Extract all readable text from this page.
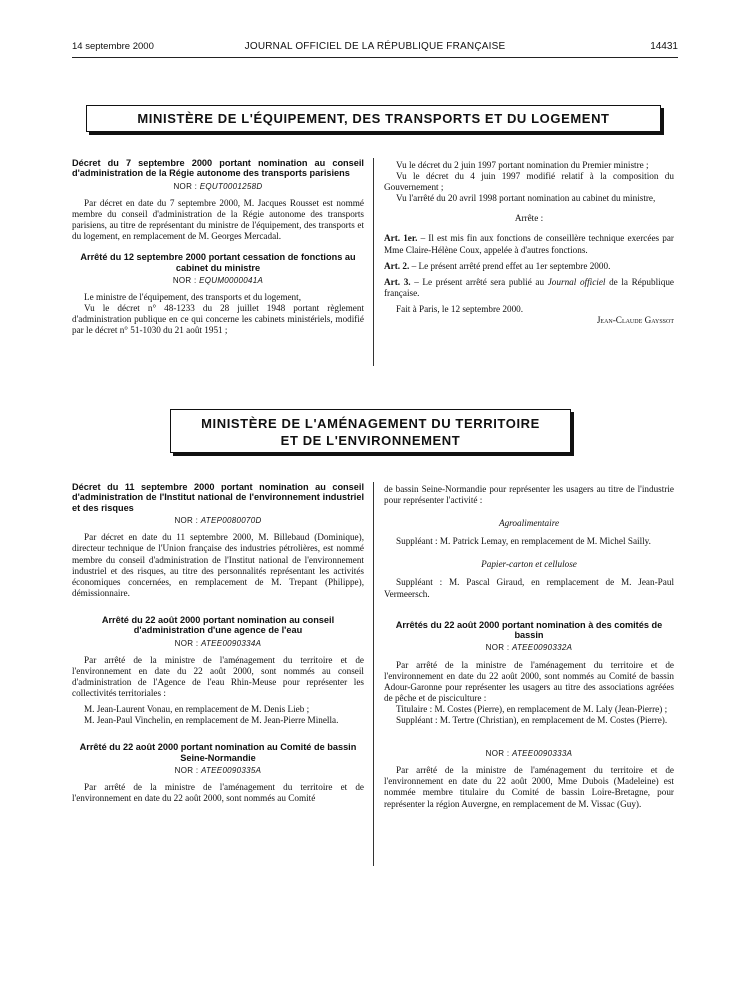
14 septembre 2000	JOURNAL OFFICIEL DE LA RÉPUBLIQUE FRANÇAISE	14431
MINISTÈRE DE L'ÉQUIPEMENT, DES TRANSPORTS ET DU LOGEMENT

Décret du 7 septembre 2000 portant nomination au conseil d'administration de la Régie autonome des transports parisiens

NOR : EQUT0001258D

Par décret en date du 7 septembre 2000, M. Jacques Rousset est nommé membre du conseil d'administration de la Régie autonome des transports parisiens, au titre de représentant du ministre de l'équipement, des transports et du logement, en remplacement de M. Georges Mercadal.

Arrêté du 12 septembre 2000 portant cessation de fonctions au cabinet du ministre

NOR : EQUM0000041A

Le ministre de l'équipement, des transports et du logement,

Vu le décret n° 48-1233 du 28 juillet 1948 portant règlement d'administration publique en ce qui concerne les cabinets ministériels, modifié par le décret n° 51-1030 du 21 août 1951 ;

Vu le décret du 2 juin 1997 portant nomination du Premier ministre ;

Vu le décret du 4 juin 1997 modifié relatif à la composition du Gouvernement ;

Vu l'arrêté du 20 avril 1998 portant nomination au cabinet du ministre,

Arrête :

Art. 1er. – Il est mis fin aux fonctions de conseillère technique exercées par Mme Claire-Hélène Coux, appelée à d'autres fonctions.

Art. 2. – Le présent arrêté prend effet au 1er septembre 2000.

Art. 3. – Le présent arrêté sera publié au Journal officiel de la République française.

Fait à Paris, le 12 septembre 2000.

Jean-Claude Gayssot

MINISTÈRE DE L'AMÉNAGEMENT DU TERRITOIRE
ET DE L'ENVIRONNEMENT

Décret du 11 septembre 2000 portant nomination au conseil d'administration de l'Institut national de l'environnement industriel et des risques

NOR : ATEP0080070D

Par décret en date du 11 septembre 2000, M. Billebaud (Dominique), directeur technique de l'Union française des industries pétrolières, est nommé membre du conseil d'administration de l'Institut national de l'environnement industriel et des risques, au titre des personnalités représentant les activités économiques concernées, en remplacement de M. Trepant (Philippe), démissionnaire.

Arrêté du 22 août 2000 portant nomination au conseil d'administration d'une agence de l'eau

NOR : ATEE0090334A

Par arrêté de la ministre de l'aménagement du territoire et de l'environnement en date du 22 août 2000, sont nommés au conseil d'administration de l'Agence de l'eau Rhin-Meuse pour représenter les collectivités territoriales :

M. Jean-Laurent Vonau, en remplacement de M. Denis Lieb ;

M. Jean-Paul Vinchelin, en remplacement de M. Jean-Pierre Minella.

Arrêté du 22 août 2000 portant nomination au Comité de bassin Seine-Normandie

NOR : ATEE0090335A

Par arrêté de la ministre de l'aménagement du territoire et de l'environnement en date du 22 août 2000, sont nommés au Comité

de bassin Seine-Normandie pour représenter les usagers au titre de l'industrie pour représenter l'activité :

Agroalimentaire

Suppléant : M. Patrick Lemay, en remplacement de M. Michel Sailly.

Papier-carton et cellulose

Suppléant : M. Pascal Giraud, en remplacement de M. Jean-Paul Vermeersch.

Arrêtés du 22 août 2000 portant nomination à des comités de bassin

NOR : ATEE0090332A

Par arrêté de la ministre de l'aménagement du territoire et de l'environnement en date du 22 août 2000, sont nommés au Comité de bassin Adour-Garonne pour représenter les usagers au titre des associations agréées de pêche et de pisciculture :

Titulaire : M. Costes (Pierre), en remplacement de M. Laly (Jean-Pierre) ;

Suppléant : M. Tertre (Christian), en remplacement de M. Costes (Pierre).

NOR : ATEE0090333A

Par arrêté de la ministre de l'aménagement du territoire et de l'environnement en date du 22 août 2000, Mme Dubois (Madeleine) est nommée membre titulaire du Comité de bassin Loire-Bretagne, pour représenter la région Auvergne, en remplacement de M. Vissac (Guy).
